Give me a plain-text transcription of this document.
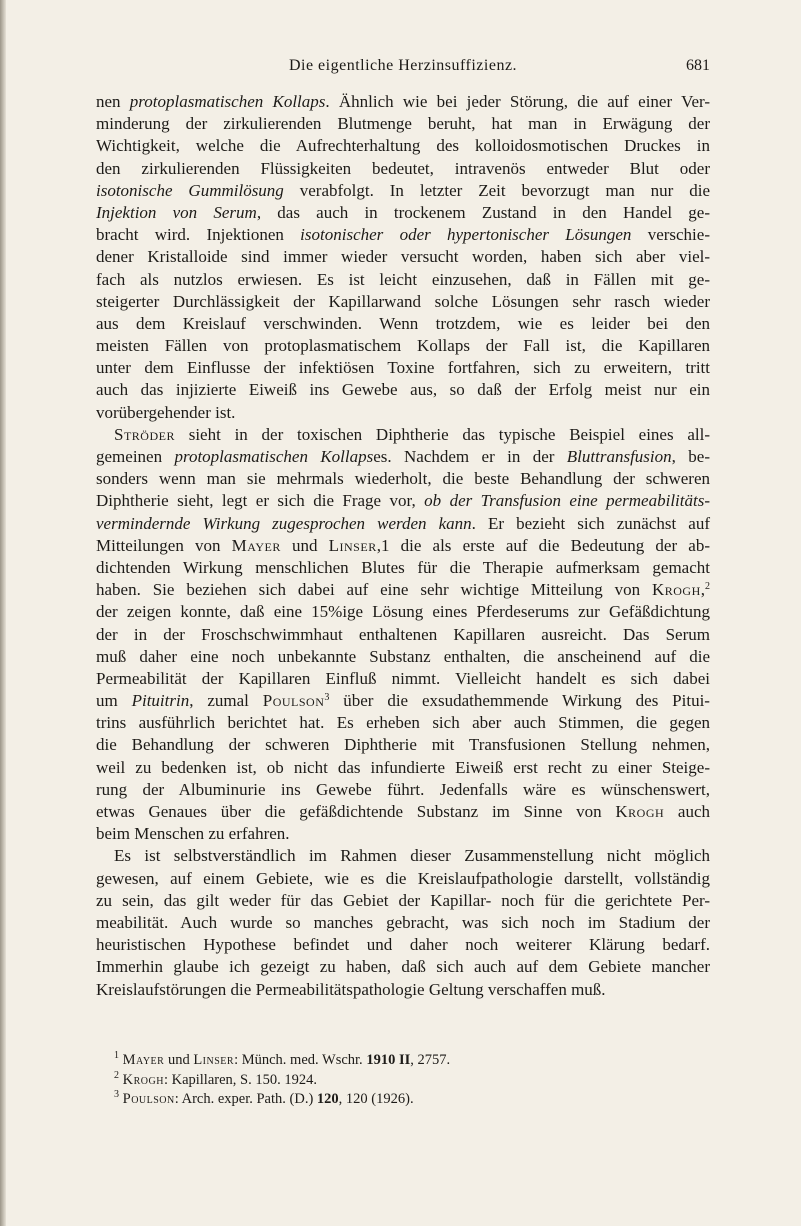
Die eigentliche Herzinsuffizienz.	681
nen protoplasmatischen Kollaps. Ähnlich wie bei jeder Störung, die auf einer Ver-
minderung der zirkulierenden Blutmenge beruht, hat man in Erwägung der
Wichtigkeit, welche die Aufrechterhaltung des kolloidosmotischen Druckes in
den zirkulierenden Flüssigkeiten bedeutet, intravenös entweder Blut oder
isotonische Gummilösung verabfolgt. In letzter Zeit bevorzugt man nur die
Injektion von Serum, das auch in trockenem Zustand in den Handel ge-
bracht wird. Injektionen isotonischer oder hypertonischer Lösungen verschie-
dener Kristalloide sind immer wieder versucht worden, haben sich aber viel-
fach als nutzlos erwiesen. Es ist leicht einzusehen, daß in Fällen mit ge-
steigerter Durchlässigkeit der Kapillarwand solche Lösungen sehr rasch wieder
aus dem Kreislauf verschwinden. Wenn trotzdem, wie es leider bei den
meisten Fällen von protoplasmatischem Kollaps der Fall ist, die Kapillaren
unter dem Einflusse der infektiösen Toxine fortfahren, sich zu erweitern, tritt
auch das injizierte Eiweiß ins Gewebe aus, so daß der Erfolg meist nur ein
vorübergehender ist.
Ströder sieht in der toxischen Diphtherie das typische Beispiel eines all-
gemeinen protoplasmatischen Kollapses. Nachdem er in der Bluttransfusion, be-
sonders wenn man sie mehrmals wiederholt, die beste Behandlung der schweren
Diphtherie sieht, legt er sich die Frage vor, ob der Transfusion eine permeabilitäts-
vermindernde Wirkung zugesprochen werden kann. Er bezieht sich zunächst auf
Mitteilungen von Mayer und Linser,1 die als erste auf die Bedeutung der ab-
dichtenden Wirkung menschlichen Blutes für die Therapie aufmerksam gemacht
haben. Sie beziehen sich dabei auf eine sehr wichtige Mitteilung von Krogh,$^2$
der zeigen konnte, daß eine 15%ige Lösung eines Pferdeserums zur Gefäßdichtung
der in der Froschschwimmhaut enthaltenen Kapillaren ausreicht. Das Serum
muß daher eine noch unbekannte Substanz enthalten, die anscheinend auf die
Permeabilität der Kapillaren Einfluß nimmt. Vielleicht handelt es sich dabei
um Pituitrin, zumal Poulson$^3$ über die exsudathemmende Wirkung des Pitui-
trins ausführlich berichtet hat. Es erheben sich aber auch Stimmen, die gegen
die Behandlung der schweren Diphtherie mit Transfusionen Stellung nehmen,
weil zu bedenken ist, ob nicht das infundierte Eiweiß erst recht zu einer Steige-
rung der Albuminurie ins Gewebe führt. Jedenfalls wäre es wünschenswert,
etwas Genaues über die gefäßdichtende Substanz im Sinne von Krogh auch
beim Menschen zu erfahren.
Es ist selbstverständlich im Rahmen dieser Zusammenstellung nicht möglich
gewesen, auf einem Gebiete, wie es die Kreislaufpathologie darstellt, vollständig
zu sein, das gilt weder für das Gebiet der Kapillar- noch für die gerichtete Per-
meabilität. Auch wurde so manches gebracht, was sich noch im Stadium der
heuristischen Hypothese befindet und daher noch weiterer Klärung bedarf.
Immerhin glaube ich gezeigt zu haben, daß sich auch auf dem Gebiete mancher
Kreislaufstörungen die Permeabilitätspathologie Geltung verschaffen muß.
$^1$ Mayer und Linser: Münch. med. Wschr. 1910 II, 2757.
$^2$ Krogh: Kapillaren, S. 150. 1924.
$^3$ Poulson: Arch. exper. Path. (D.) 120, 120 (1926).
